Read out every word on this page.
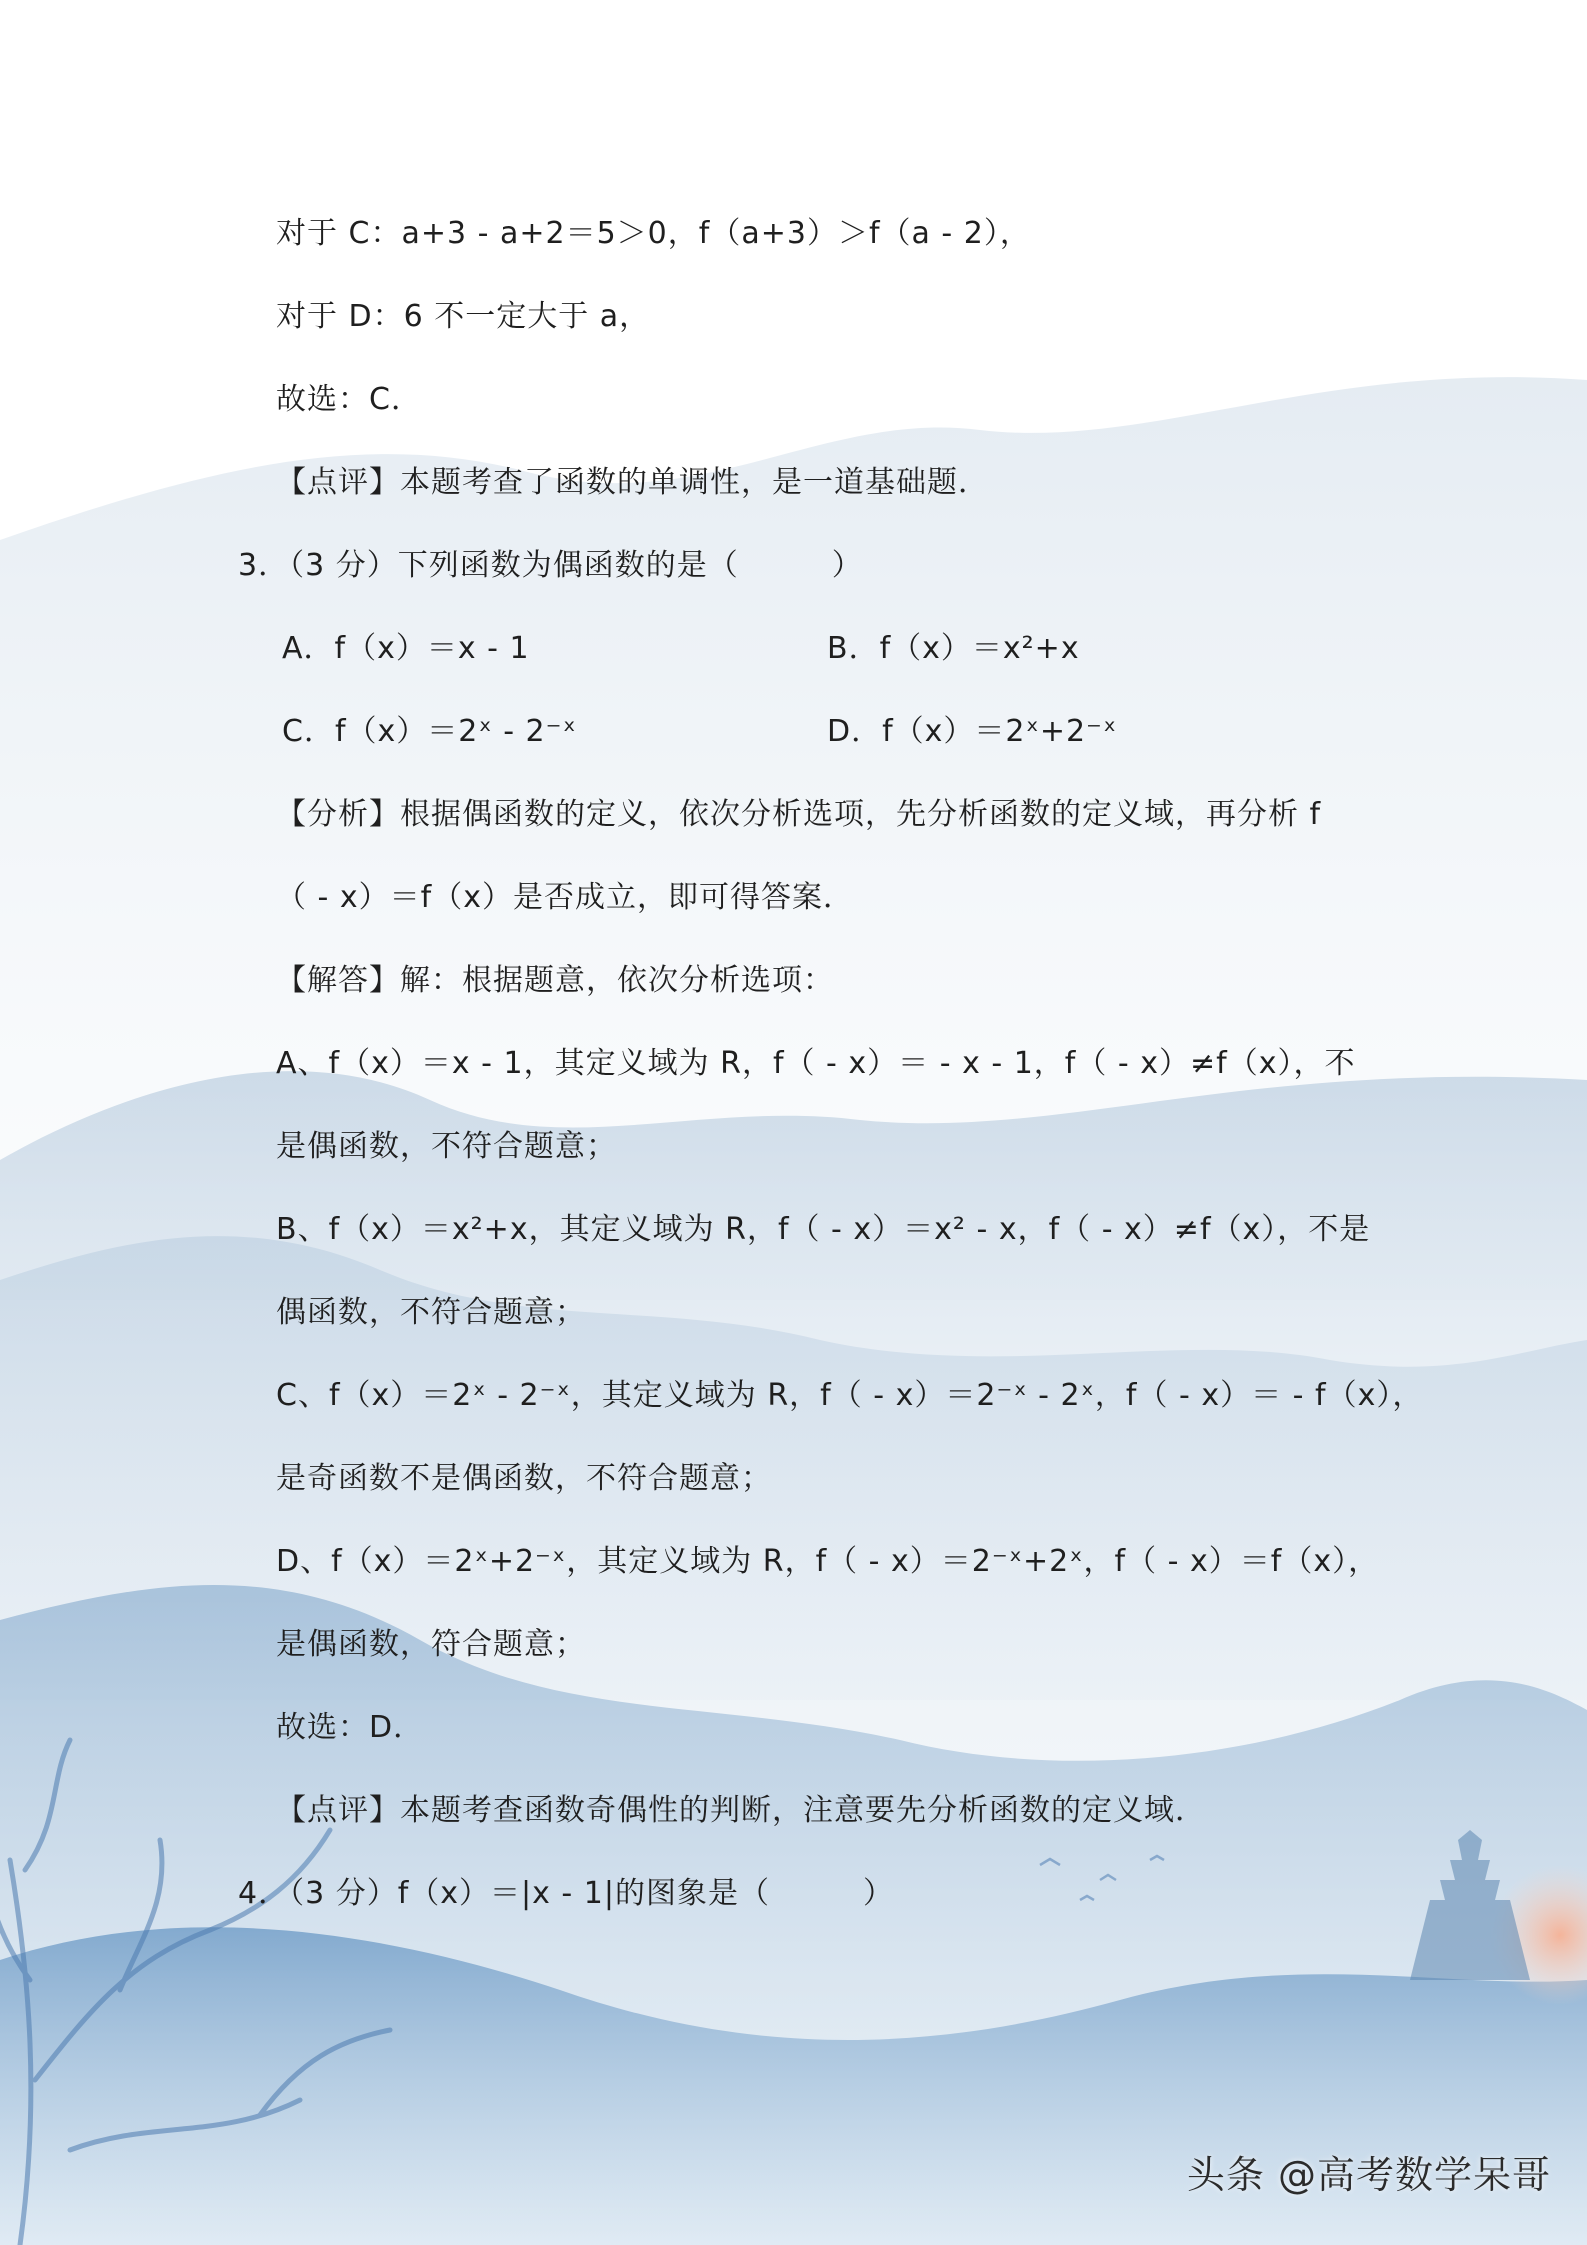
对于 C：a+3 - a+2＝5＞0，f（a+3）＞f（a - 2），
对于 D：6 不一定大于 a，
故选：C．
【点评】本题考查了函数的单调性，是一道基础题．
3．（3 分）下列函数为偶函数的是（　　　）
A．f（x）＝x - 1	B．f（x）＝x²+x
C．f（x）＝2ˣ - 2⁻ˣ	D．f（x）＝2ˣ+2⁻ˣ
【分析】根据偶函数的定义，依次分析选项，先分析函数的定义域，再分析 f
（ - x）＝f（x）是否成立，即可得答案．
【解答】解：根据题意，依次分析选项：
A、f（x）＝x - 1，其定义域为 R，f（ - x）＝ - x - 1，f（ - x）≠f（x），不
是偶函数，不符合题意；
B、f（x）＝x²+x，其定义域为 R，f（ - x）＝x² - x，f（ - x）≠f（x），不是
偶函数，不符合题意；
C、f（x）＝2ˣ - 2⁻ˣ，其定义域为 R，f（ - x）＝2⁻ˣ - 2ˣ，f（ - x）＝ - f（x），
是奇函数不是偶函数，不符合题意；
D、f（x）＝2ˣ+2⁻ˣ，其定义域为 R，f（ - x）＝2⁻ˣ+2ˣ，f（ - x）＝f（x），
是偶函数，符合题意；
故选：D．
【点评】本题考查函数奇偶性的判断，注意要先分析函数的定义域．
4．（3 分）f（x）＝|x - 1|的图象是（　　　）
头条 @高考数学呆哥
